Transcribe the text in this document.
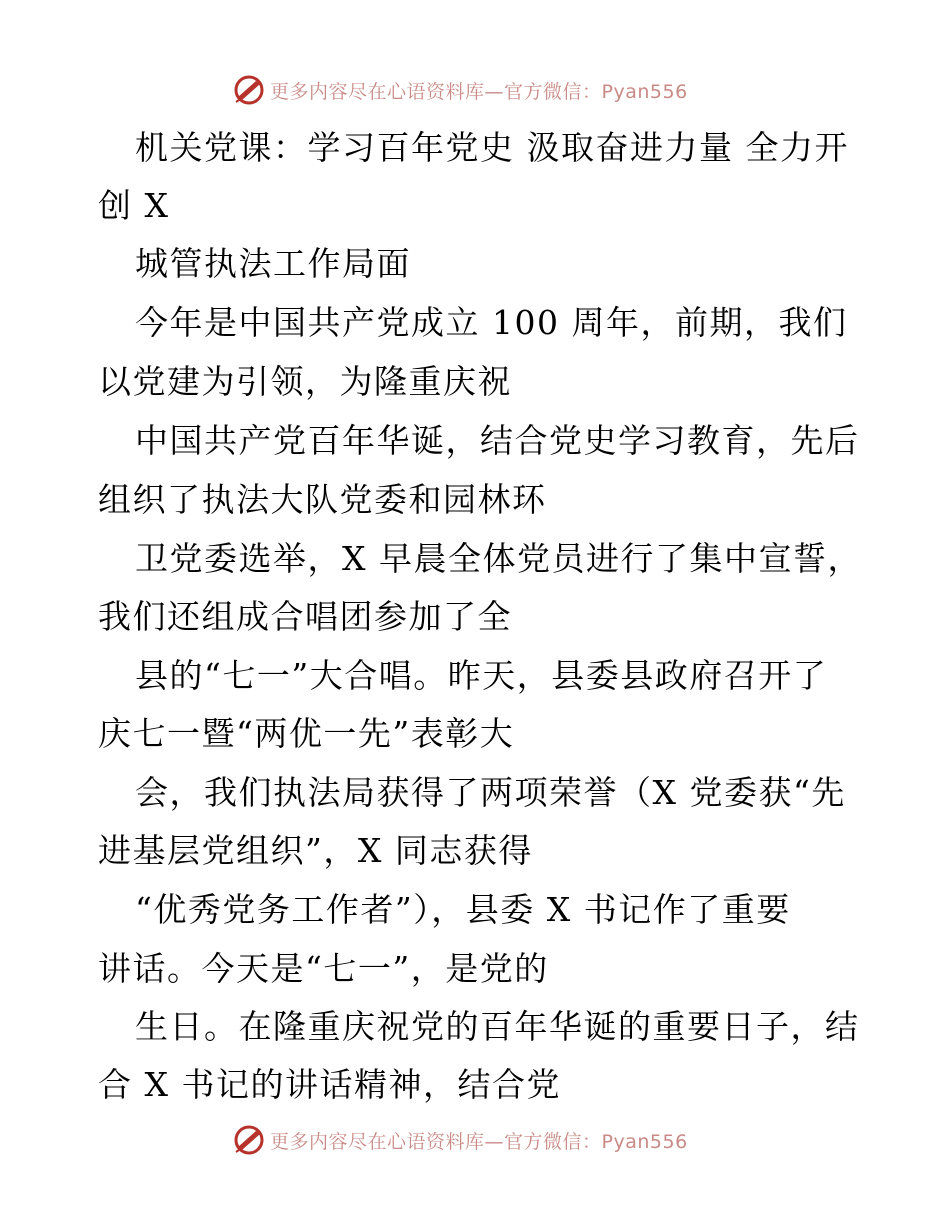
更多内容尽在心语资料库—官方微信：Pyan556
机关党课：学习百年党史 汲取奋进力量 全力开
创 X
城管执法工作局面
今年是中国共产党成立 100 周年，前期，我们
以党建为引领，为隆重庆祝
中国共产党百年华诞，结合党史学习教育，先后
组织了执法大队党委和园林环
卫党委选举，X 早晨全体党员进行了集中宣誓，
我们还组成合唱团参加了全
县的“七一”大合唱。昨天，县委县政府召开了
庆七一暨“两优一先”表彰大
会，我们执法局获得了两项荣誉（X 党委获“先
进基层党组织”，X 同志获得
“优秀党务工作者”），县委 X 书记作了重要
讲话。今天是“七一”，是党的
生日。在隆重庆祝党的百年华诞的重要日子，结
合 X 书记的讲话精神，结合党
更多内容尽在心语资料库—官方微信：Pyan556
